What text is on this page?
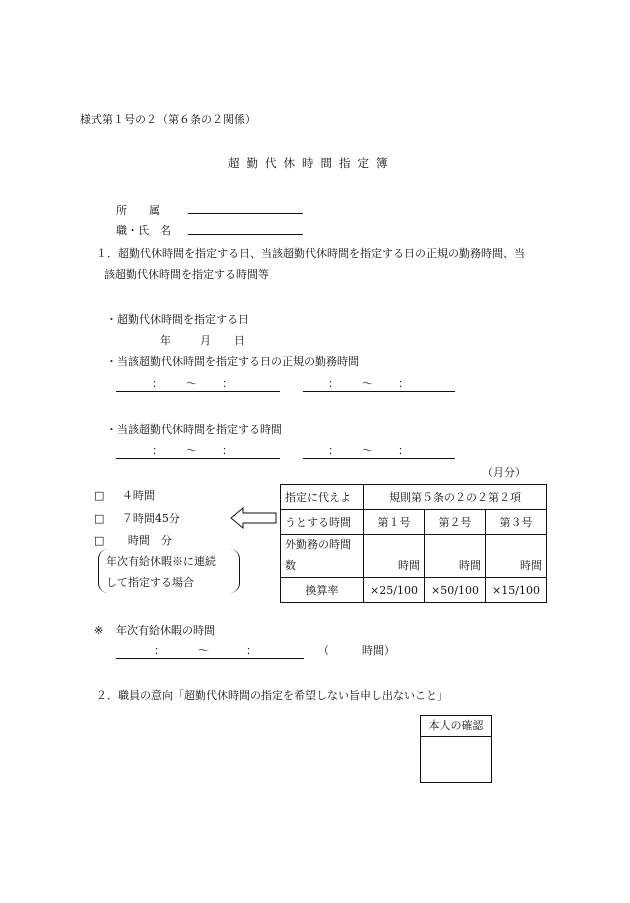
様式第１号の２（第６条の２関係）
超勤代休時間指定簿
所　　属
職・氏　名
１．超勤代休時間を指定する日、当該超勤代休時間を指定する日の正規の勤務時間、当
該超勤代休時間を指定する時間等
・超勤代休時間を指定する日
年	月 日
・当該超勤代休時間を指定する日の正規の勤務時間
： ～ ：	： ～ ：
・当該超勤代休時間を指定する時間
： ～ ：	： ～ ：
（月分）
□ ４時間
□ ７時間45分
□ 時間　分
年次有給休暇※に連続
して指定する場合
指定に代えよ	規則第５条の２の２第２項		
うとする時間	第１号	第２号	第３号
外勤務の時間
数	時間	時間	時間
換算率	×25/100	×50/100	×15/100
※ 年次有給休暇の時間
：	～	：	（　　　時間）
２．職員の意向「超勤代休時間の指定を希望しない旨申し出ないこと」
本人の確認
